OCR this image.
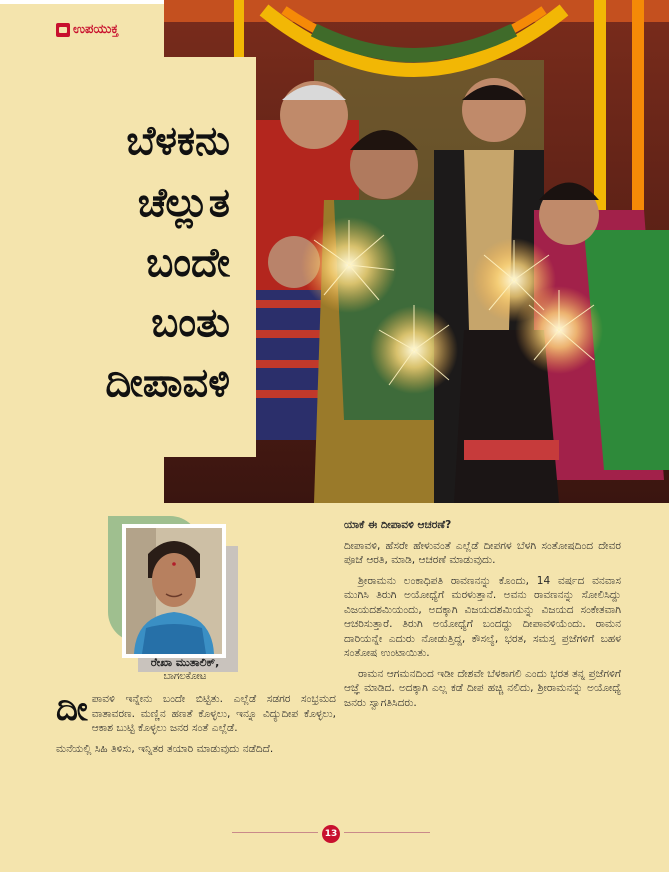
ಉಪಯುಕ್ತ
ಬೆಳಕನು
ಚೆಲ್ಲುತ
ಬಂದೇ
ಬಂತು
ದೀಪಾವಳಿ
ರೇಖಾ ಮುತಾಲಿಕ್,
ಬಾಗಲಕೋಟ

ದೀಪಾವಳಿ ಇನ್ನೇನು ಬಂದೇ ಬಿಟ್ಟಿತು. ಎಲ್ಲೆಡೆ ಸಡಗರ ಸಂಭ್ರಮದ ವಾತಾವರಣ. ಮಣ್ಣಿನ ಹಣತೆ ಕೊಳ್ಳಲು, ಇನ್ನೂ ವಿದ್ಯುದೀಪ ಕೊಳ್ಳಲು, ಆಕಾಶ ಬುಟ್ಟಿ ಕೊಳ್ಳಲು ಜನರ ಸಂತೆ ಎಲ್ಲೆಡೆ.

ಮನೆಯಲ್ಲಿ ಸಿಹಿ ತಿಳಿಸು, ಇನ್ನಿತರ ತಯಾರಿ ಮಾಡುವುದು ನಡೆದಿದೆ.

ಯಾಕೆ ಈ ದೀಪಾವಳಿ ಆಚರಣೆ?

ದೀಪಾವಳಿ, ಹೆಸರೇ ಹೇಳುವಂತೆ ಎಲ್ಲೆಡೆ ದೀಪಗಳ ಬೆಳಗಿ ಸಂತೋಷದಿಂದ ದೇವರ ಪೂಜೆ ಆರತಿ, ಮಾಡಿ, ಆಚರಣೆ ಮಾಡುವುದು.

ಶ್ರೀರಾಮನು ಲಂಕಾಧಿಪತಿ ರಾವಣನನ್ನು ಕೊಂದು, 14 ವರ್ಷದ ವನವಾಸ ಮುಗಿಸಿ ತಿರುಗಿ ಅಯೋಧ್ಯೆಗೆ ಮರಳುತ್ತಾನೆ. ಅವನು ರಾವಣನನ್ನು ಸೋಲಿಸಿದ್ದು ವಿಜಯದಶಮಿಯಂದು, ಅದಕ್ಕಾಗಿ ವಿಜಯದಶಮಿಯನ್ನು ವಿಜಯದ ಸಂಕೇತವಾಗಿ ಆಚರಿಸುತ್ತಾರೆ. ತಿರುಗಿ ಅಯೋಧ್ಯೆಗೆ ಬಂದದ್ದು ದೀಪಾವಳಿಯೆಂದು. ರಾಮನ ದಾರಿಯನ್ನೇ ಎದುರು ನೋಡುತ್ತಿದ್ದ, ಕೌಸಲ್ಯೆ, ಭರತ, ಸಮಸ್ತ ಪ್ರಜೆಗಳಿಗೆ ಬಹಳ ಸಂತೋಷ ಉಂಟಾಯಿತು.

ರಾಮನ ಆಗಮನದಿಂದ ಇಡೀ ದೇಶವೇ ಬೆಳಕಾಗಲಿ ಎಂದು ಭರತ ತನ್ನ ಪ್ರಜೆಗಳಿಗೆ ಆಜ್ಞೆ ಮಾಡಿದ. ಅದಕ್ಕಾಗಿ ಎಲ್ಲ ಕಡೆ ದೀಪ ಹಚ್ಚಿ ನಲಿದು, ಶ್ರೀರಾಮನನ್ನು ಅಯೋಧ್ಯೆ ಜನರು ಸ್ವಾಗತಿಸಿದರು.

13
